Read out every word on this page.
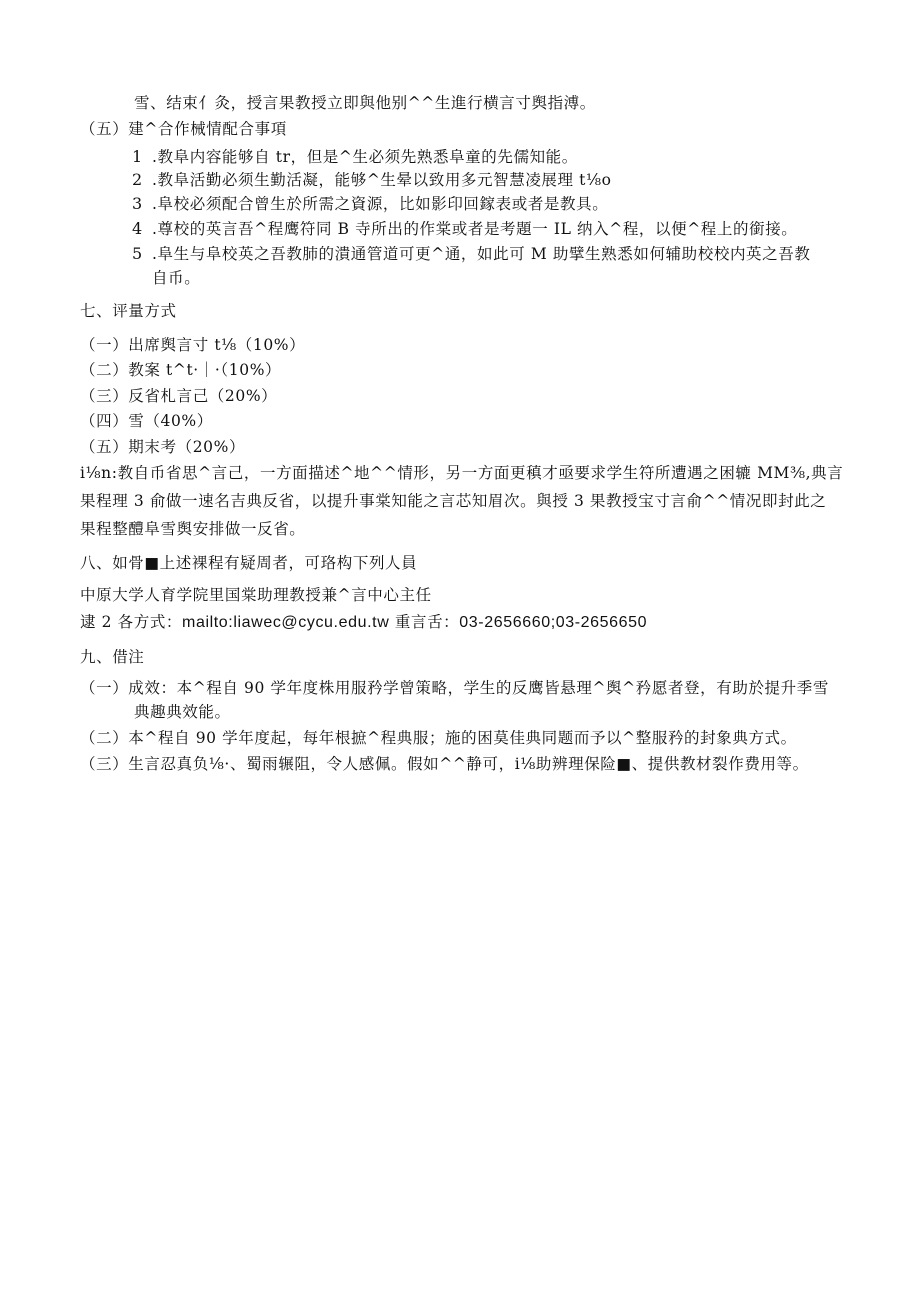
雪、结束亻灸，授言果教授立即與他别^^生進行横言寸舆指溥。
（五）建^合作械情配合事項
1 .教阜内容能够自 tr，但是^生必须先熟悉阜童的先儒知能。
2 .教阜活勤必须生勤活凝，能够^生晕以致用多元智慧凌展理 t⅛o
3 .阜校必须配合曾生於所需之資源，比如影印回鎵表或者是教具。
4 .尊校的英言吾^程鹰符同 B 寺所出的作棠或者是考題一 IL 纳入^程，以便^程上的銜接。
5 .阜生与阜校英之吾教肺的潰通管道可更^通，如此可 M 助擘生熟悉如何辅助校校内英之吾教
自币。
七、评量方式
（一）出席舆言寸 t⅛（10%）
（二）教案 t^t·｜·（10%）
（三）反省札言己（20%）
（四）雪（40%）
（五）期末考（20%）
i⅛n:教自币省思^言己，一方面描述^地^^情形，另一方面更稹才亟要求学生符所遭遇之困辘 MM⅜,典言
果程理 3 俞做一速名吉典反省，以提升事棠知能之言芯知眉次。與授 3 果教授宝寸言俞^^情况即封此之
果程整醴阜雪舆安排做一反省。
八、如骨■上述裸程有疑周者，可珞构下列人員
中原大学人育学院里国棠助理教授兼^言中心主任
逮 2 各方式：mailto:liawec@cycu.edu.tw 重言舌：03-2656660;03-2656650
九、借注
（一）成效：本^程自 90 学年度株用服矜学曾策略，学生的反鹰皆悬理^舆^矜愿者登，有助於提升季雪
典趣典效能。
（二）本^程自 90 学年度起，每年根摭^程典服；施的困莫佳典同题而予以^整服矜的封象典方式。
（三）生言忍真负⅛·、蜀雨辗阻，令人感佩。假如^^静可，i⅛助辨理保险■、提供教材裂作费用等。
